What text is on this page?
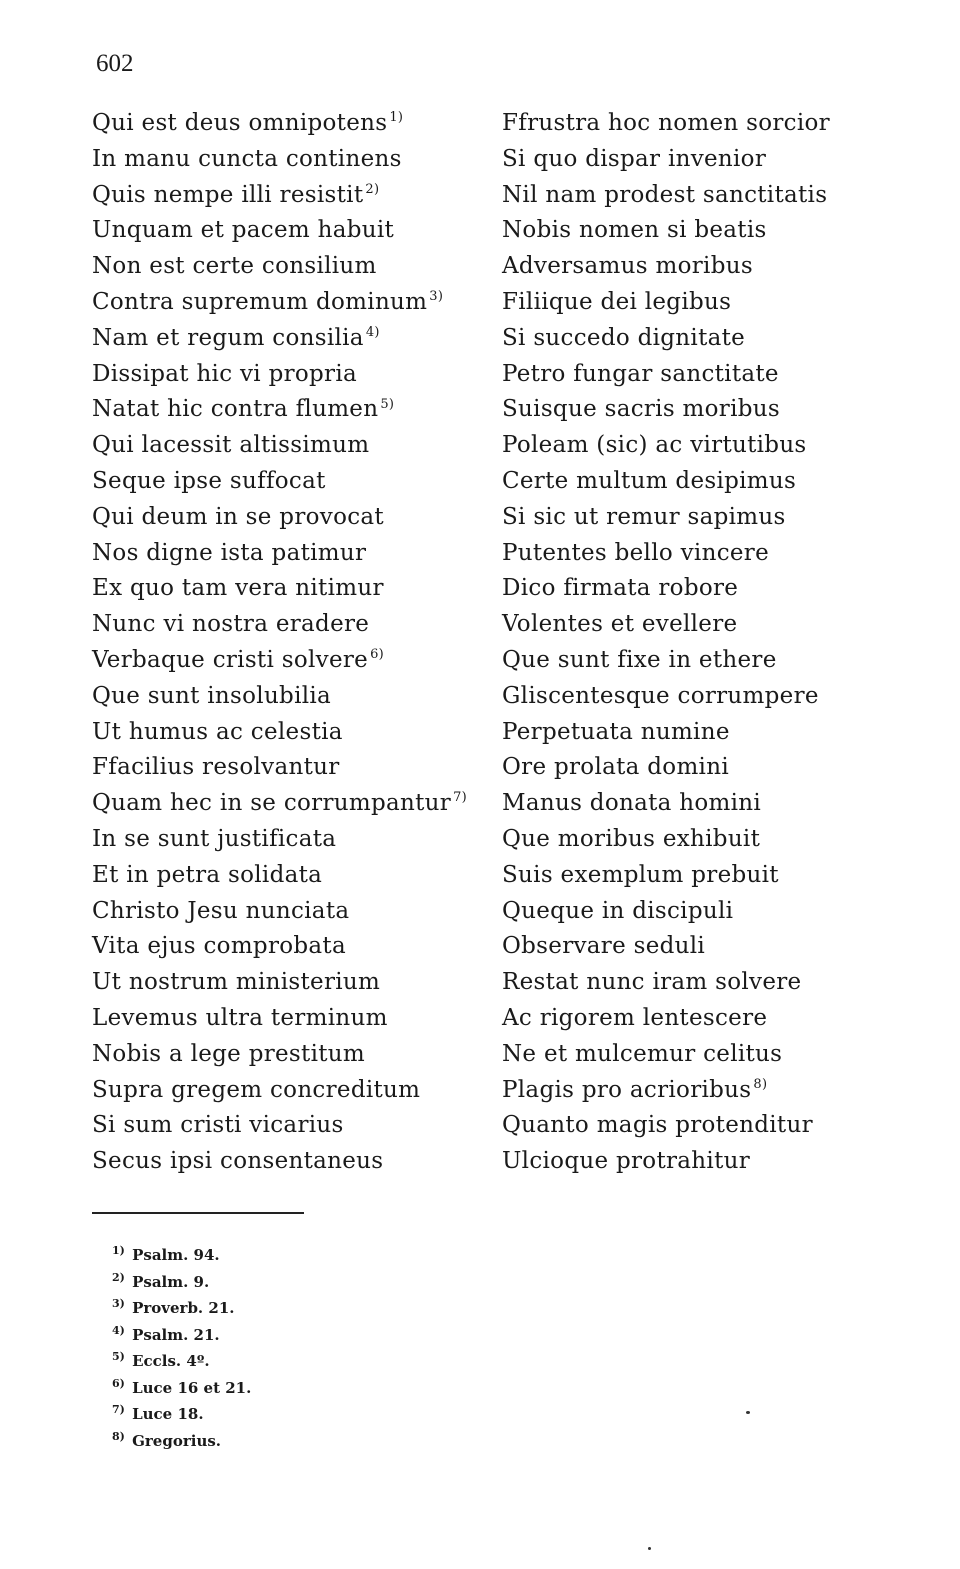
602
Qui est deus omnipotens $^{1)}$
In manu cuncta continens
Quis nempe illi resistit $^{2)}$
Unquam et pacem habuit
Non est certe consilium
Contra supremum dominum $^{3)}$
Nam et regum consilia $^{4)}$
Dissipat hic vi propria
Natat hic contra flumen $^{5)}$
Qui lacessit altissimum
Seque ipse suffocat
Qui deum in se provocat
Nos digne ista patimur
Ex quo tam vera nitimur
Nunc vi nostra eradere
Verbaque cristi solvere $^{6)}$
Que sunt insolubilia
Ut humus ac celestia
Ffacilius resolvantur
Quam hec in se corrumpantur $^{7)}$
In se sunt justificata
Et in petra solidata
Christo Jesu nunciata
Vita ejus comprobata
Ut nostrum ministerium
Levemus ultra terminum
Nobis a lege prestitum
Supra gregem concreditum
Si sum cristi vicarius
Secus ipsi consentaneus
Ffrustra hoc nomen sorcior
Si quo dispar invenior
Nil nam prodest sanctitatis
Nobis nomen si beatis
Adversamus moribus
Filiique dei legibus
Si succedo dignitate
Petro fungar sanctitate
Suisque sacris moribus
Poleam (sic) ac virtutibus
Certe multum desipimus
Si sic ut remur sapimus
Putentes bello vincere
Dico firmata robore
Volentes et evellere
Que sunt fixe in ethere
Gliscentesque corrumpere
Perpetuata numine
Ore prolata domini
Manus donata homini
Que moribus exhibuit
Suis exemplum prebuit
Queque in discipuli
Observare seduli
Restat nunc iram solvere
Ac rigorem lentescere
Ne et mulcemur celitus
Plagis pro acrioribus $^{8)}$
Quanto magis protenditur
Ulcioque protrahitur
$^{1)}$ Psalm. 94.
$^{2)}$ Psalm. 9.
$^{3)}$ Proverb. 21.
$^{4)}$ Psalm. 21.
$^{5)}$ Eccls. 4º.
$^{6)}$ Luce 16 et 21.
$^{7)}$ Luce 18.
$^{8)}$ Gregorius.
